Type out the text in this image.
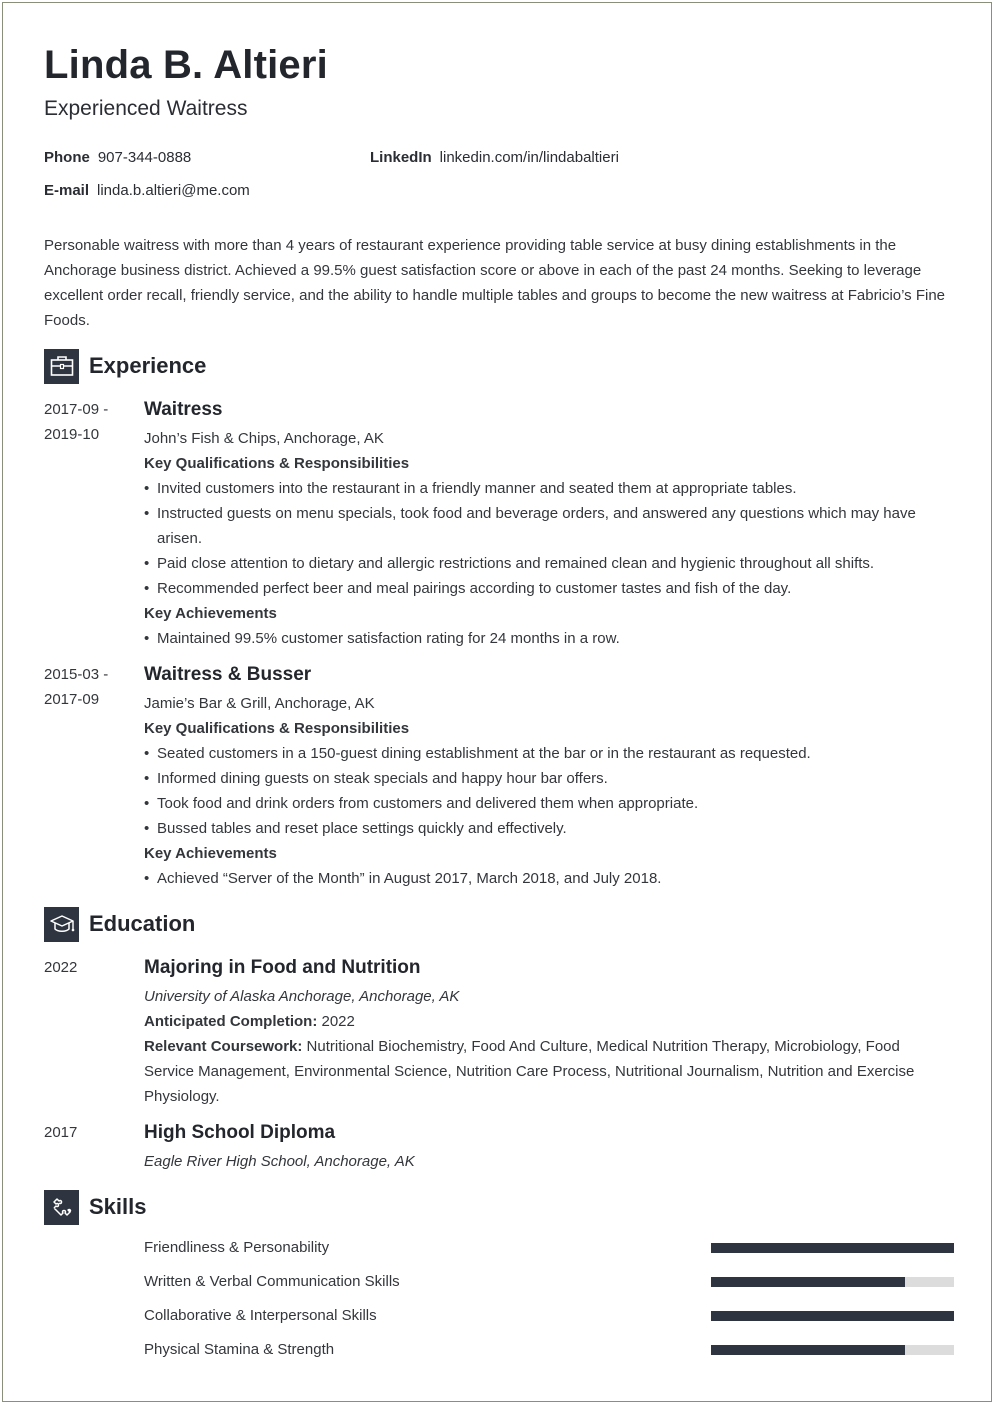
Linda B. Altieri
Experienced Waitress
Phone 907-344-0888	LinkedIn linkedin.com/in/lindabaltieri
E-mail linda.b.altieri@me.com
Personable waitress with more than 4 years of restaurant experience providing table service at busy dining establishments in the Anchorage business district. Achieved a 99.5% guest satisfaction score or above in each of the past 24 months. Seeking to leverage excellent order recall, friendly service, and the ability to handle multiple tables and groups to become the new waitress at Fabricio’s Fine Foods.
Experience
2017-09 -
2019-10
Waitress
John’s Fish & Chips, Anchorage, AK
Key Qualifications & Responsibilities
• Invited customers into the restaurant in a friendly manner and seated them at appropriate tables.
• Instructed guests on menu specials, took food and beverage orders, and answered any questions which may have arisen.
• Paid close attention to dietary and allergic restrictions and remained clean and hygienic throughout all shifts.
• Recommended perfect beer and meal pairings according to customer tastes and fish of the day.
Key Achievements
• Maintained 99.5% customer satisfaction rating for 24 months in a row.
2015-03 -
2017-09
Waitress & Busser
Jamie’s Bar & Grill, Anchorage, AK
Key Qualifications & Responsibilities
• Seated customers in a 150-guest dining establishment at the bar or in the restaurant as requested.
• Informed dining guests on steak specials and happy hour bar offers.
• Took food and drink orders from customers and delivered them when appropriate.
• Bussed tables and reset place settings quickly and effectively.
Key Achievements
• Achieved “Server of the Month” in August 2017, March 2018, and July 2018.
Education
2022	Majoring in Food and Nutrition
University of Alaska Anchorage, Anchorage, AK
Anticipated Completion: 2022
Relevant Coursework: Nutritional Biochemistry, Food And Culture, Medical Nutrition Therapy, Microbiology, Food Service Management, Environmental Science, Nutrition Care Process, Nutritional Journalism, Nutrition and Exercise Physiology.
2017	High School Diploma
Eagle River High School, Anchorage, AK
Skills
Friendliness & Personability
Written & Verbal Communication Skills
Collaborative & Interpersonal Skills
Physical Stamina & Strength
